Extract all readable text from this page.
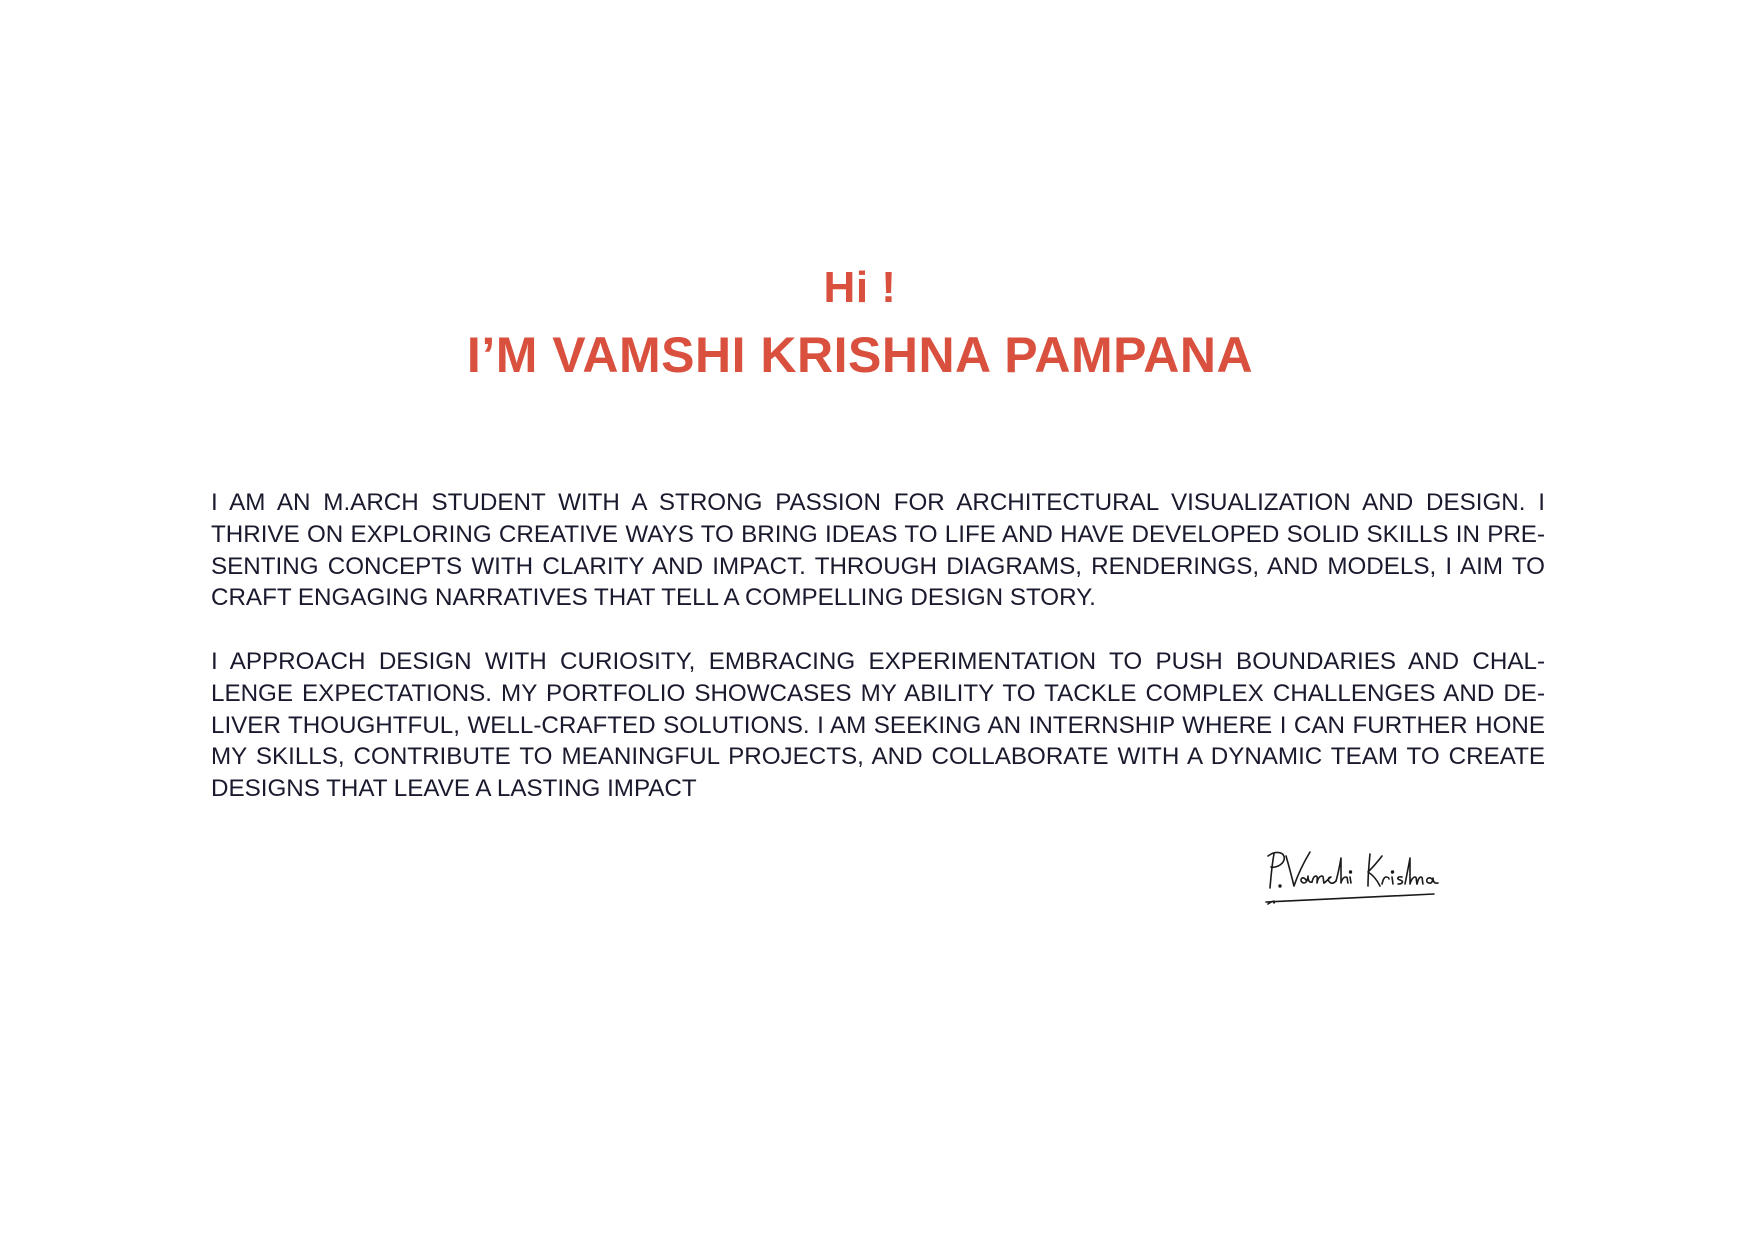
Hi !
I’M VAMSHI KRISHNA PAMPANA

I AM AN M.ARCH STUDENT WITH A STRONG PASSION FOR ARCHITECTURAL VISUALIZATION AND DESIGN. I THRIVE ON EXPLORING CREATIVE WAYS TO BRING IDEAS TO LIFE AND HAVE DEVELOPED SOLID SKILLS IN PRE-SENTING CONCEPTS WITH CLARITY AND IMPACT. THROUGH DIAGRAMS, RENDERINGS, AND MODELS, I AIM TO CRAFT ENGAGING NARRATIVES THAT TELL A COMPELLING DESIGN STORY.

I APPROACH DESIGN WITH CURIOSITY, EMBRACING EXPERIMENTATION TO PUSH BOUNDARIES AND CHAL-LENGE EXPECTATIONS. MY PORTFOLIO SHOWCASES MY ABILITY TO TACKLE COMPLEX CHALLENGES AND DE-LIVER THOUGHTFUL, WELL-CRAFTED SOLUTIONS. I AM SEEKING AN INTERNSHIP WHERE I CAN FURTHER HONE MY SKILLS, CONTRIBUTE TO MEANINGFUL PROJECTS, AND COLLABORATE WITH A DYNAMIC TEAM TO CREATE DESIGNS THAT LEAVE A LASTING IMPACT
